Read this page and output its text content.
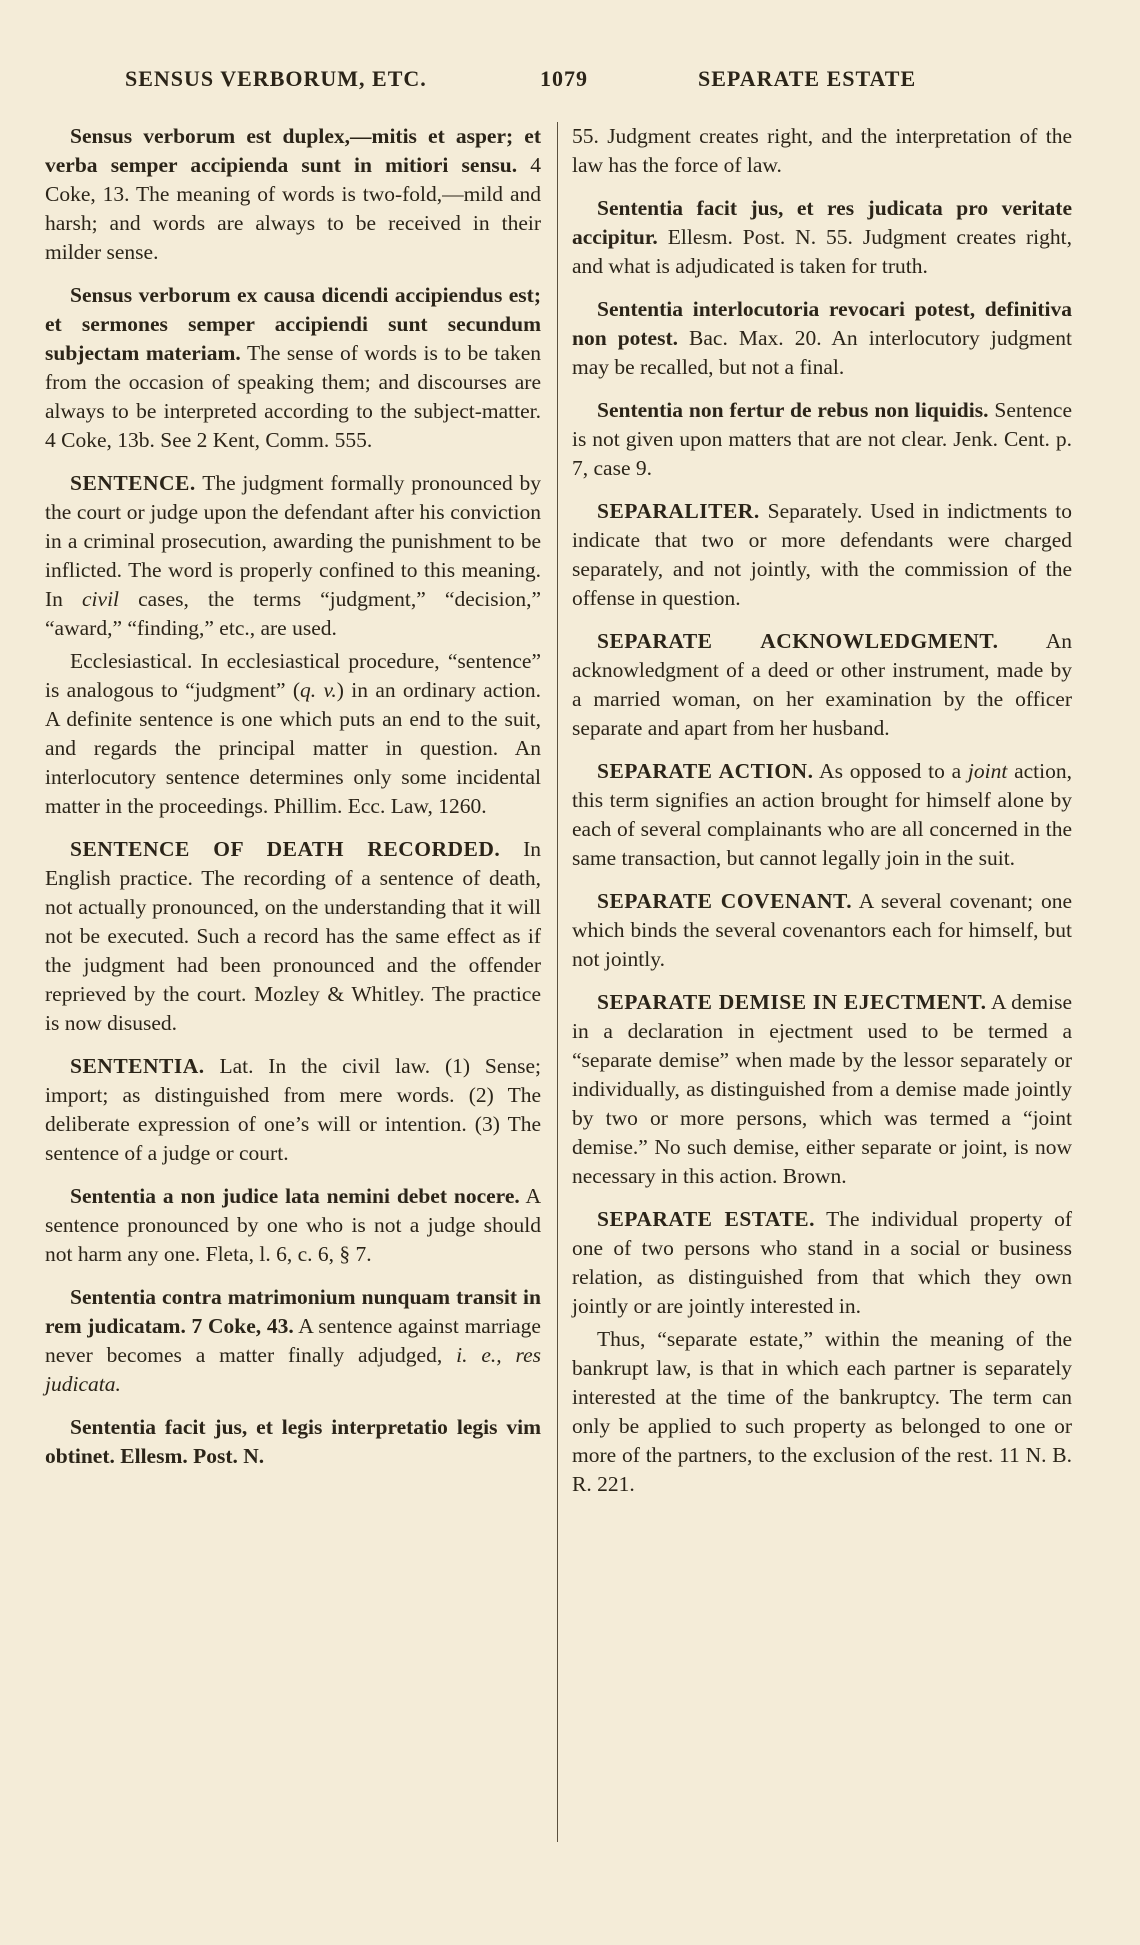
SENSUS VERBORUM, ETC.	1079	SEPARATE ESTATE

Sensus verborum est duplex,—mitis et asper; et verba semper accipienda sunt in mitiori sensu. 4 Coke, 13. The meaning of words is two-fold,—mild and harsh; and words are always to be received in their milder sense.

Sensus verborum ex causa dicendi accipiendus est; et sermones semper accipiendi sunt secundum subjectam materiam. The sense of words is to be taken from the occasion of speaking them; and discourses are always to be interpreted according to the subject-matter. 4 Coke, 13b. See 2 Kent, Comm. 555.

SENTENCE. The judgment formally pronounced by the court or judge upon the defendant after his conviction in a criminal prosecution, awarding the punishment to be inflicted. The word is properly confined to this meaning. In civil cases, the terms “judgment,” “decision,” “award,” “finding,” etc., are used.

Ecclesiastical. In ecclesiastical procedure, “sentence” is analogous to “judgment” (q. v.) in an ordinary action. A definite sentence is one which puts an end to the suit, and regards the principal matter in question. An interlocutory sentence determines only some incidental matter in the proceedings. Phillim. Ecc. Law, 1260.

SENTENCE OF DEATH RECORDED. In English practice. The recording of a sentence of death, not actually pronounced, on the understanding that it will not be executed. Such a record has the same effect as if the judgment had been pronounced and the offender reprieved by the court. Mozley & Whitley. The practice is now disused.

SENTENTIA. Lat. In the civil law. (1) Sense; import; as distinguished from mere words. (2) The deliberate expression of one’s will or intention. (3) The sentence of a judge or court.

Sententia a non judice lata nemini debet nocere. A sentence pronounced by one who is not a judge should not harm any one. Fleta, l. 6, c. 6, § 7.

Sententia contra matrimonium nunquam transit in rem judicatam. 7 Coke, 43. A sentence against marriage never becomes a matter finally adjudged, i. e., res judicata.

Sententia facit jus, et legis interpretatio legis vim obtinet. Ellesm. Post. N.

55. Judgment creates right, and the interpretation of the law has the force of law.

Sententia facit jus, et res judicata pro veritate accipitur. Ellesm. Post. N. 55. Judgment creates right, and what is adjudicated is taken for truth.

Sententia interlocutoria revocari potest, definitiva non potest. Bac. Max. 20. An interlocutory judgment may be recalled, but not a final.

Sententia non fertur de rebus non liquidis. Sentence is not given upon matters that are not clear. Jenk. Cent. p. 7, case 9.

SEPARALITER. Separately. Used in indictments to indicate that two or more defendants were charged separately, and not jointly, with the commission of the offense in question.

SEPARATE ACKNOWLEDGMENT. An acknowledgment of a deed or other instrument, made by a married woman, on her examination by the officer separate and apart from her husband.

SEPARATE ACTION. As opposed to a joint action, this term signifies an action brought for himself alone by each of several complainants who are all concerned in the same transaction, but cannot legally join in the suit.

SEPARATE COVENANT. A several covenant; one which binds the several covenantors each for himself, but not jointly.

SEPARATE DEMISE IN EJECTMENT. A demise in a declaration in ejectment used to be termed a “separate demise” when made by the lessor separately or individually, as distinguished from a demise made jointly by two or more persons, which was termed a “joint demise.” No such demise, either separate or joint, is now necessary in this action. Brown.

SEPARATE ESTATE. The individual property of one of two persons who stand in a social or business relation, as distinguished from that which they own jointly or are jointly interested in.

Thus, “separate estate,” within the meaning of the bankrupt law, is that in which each partner is separately interested at the time of the bankruptcy. The term can only be applied to such property as belonged to one or more of the partners, to the exclusion of the rest. 11 N. B. R. 221.
